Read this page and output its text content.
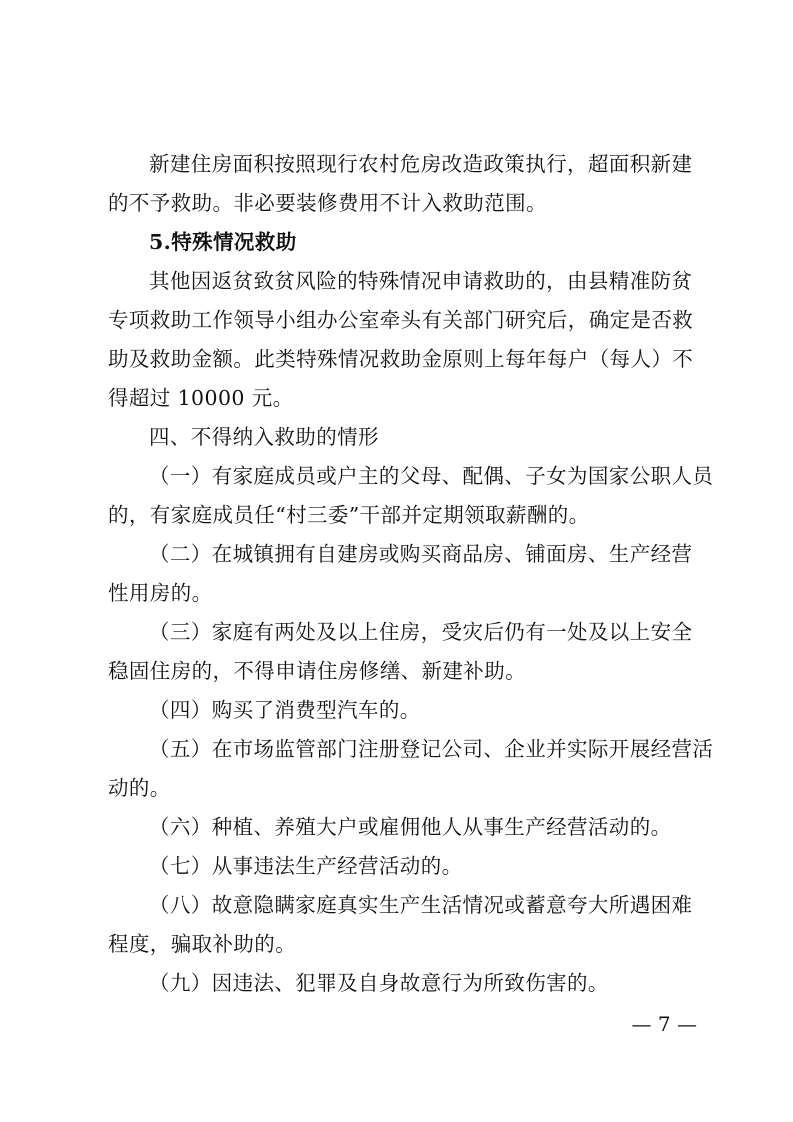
新建住房面积按照现行农村危房改造政策执行，超面积新建
的不予救助。非必要装修费用不计入救助范围。
5.特殊情况救助
其他因返贫致贫风险的特殊情况申请救助的，由县精准防贫
专项救助工作领导小组办公室牵头有关部门研究后，确定是否救
助及救助金额。此类特殊情况救助金原则上每年每户（每人）不
得超过 10000 元。
四、不得纳入救助的情形
（一）有家庭成员或户主的父母、配偶、子女为国家公职人员
的，有家庭成员任“村三委”干部并定期领取薪酬的。
（二）在城镇拥有自建房或购买商品房、铺面房、生产经营
性用房的。
（三）家庭有两处及以上住房，受灾后仍有一处及以上安全
稳固住房的，不得申请住房修缮、新建补助。
（四）购买了消费型汽车的。
（五）在市场监管部门注册登记公司、企业并实际开展经营活
动的。
（六）种植、养殖大户或雇佣他人从事生产经营活动的。
（七）从事违法生产经营活动的。
（八）故意隐瞒家庭真实生产生活情况或蓄意夸大所遇困难
程度，骗取补助的。
（九）因违法、犯罪及自身故意行为所致伤害的。
— 7 —
